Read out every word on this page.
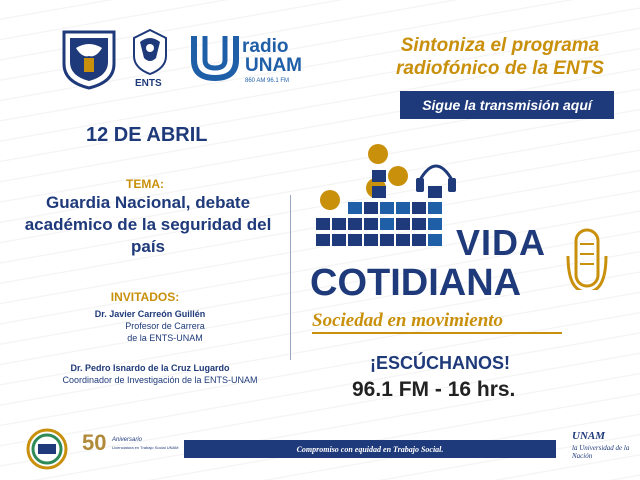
ENTS
radio
UNAM
860 AM 96.1 FM
Sintoniza el programa radiofónico de la ENTS
Sigue la transmisión aquí
12 DE ABRIL
TEMA:
Guardia Nacional, debate académico de la seguridad del país
INVITADOS:
Dr. Javier Carreón Guillén
Profesor de Carrera de la ENTS-UNAM
Dr. Pedro Isnardo de la Cruz Lugardo
Coordinador de Investigación de la ENTS-UNAM
VIDA
COTIDIANA
Sociedad en movimiento
¡ESCÚCHANOS!
96.1 FM - 16 hrs.
50 Aniversario
Licenciatura en Trabajo Social UNAM	Compromiso con equidad en Trabajo Social.
UNAM
la Universidad de la Nación
